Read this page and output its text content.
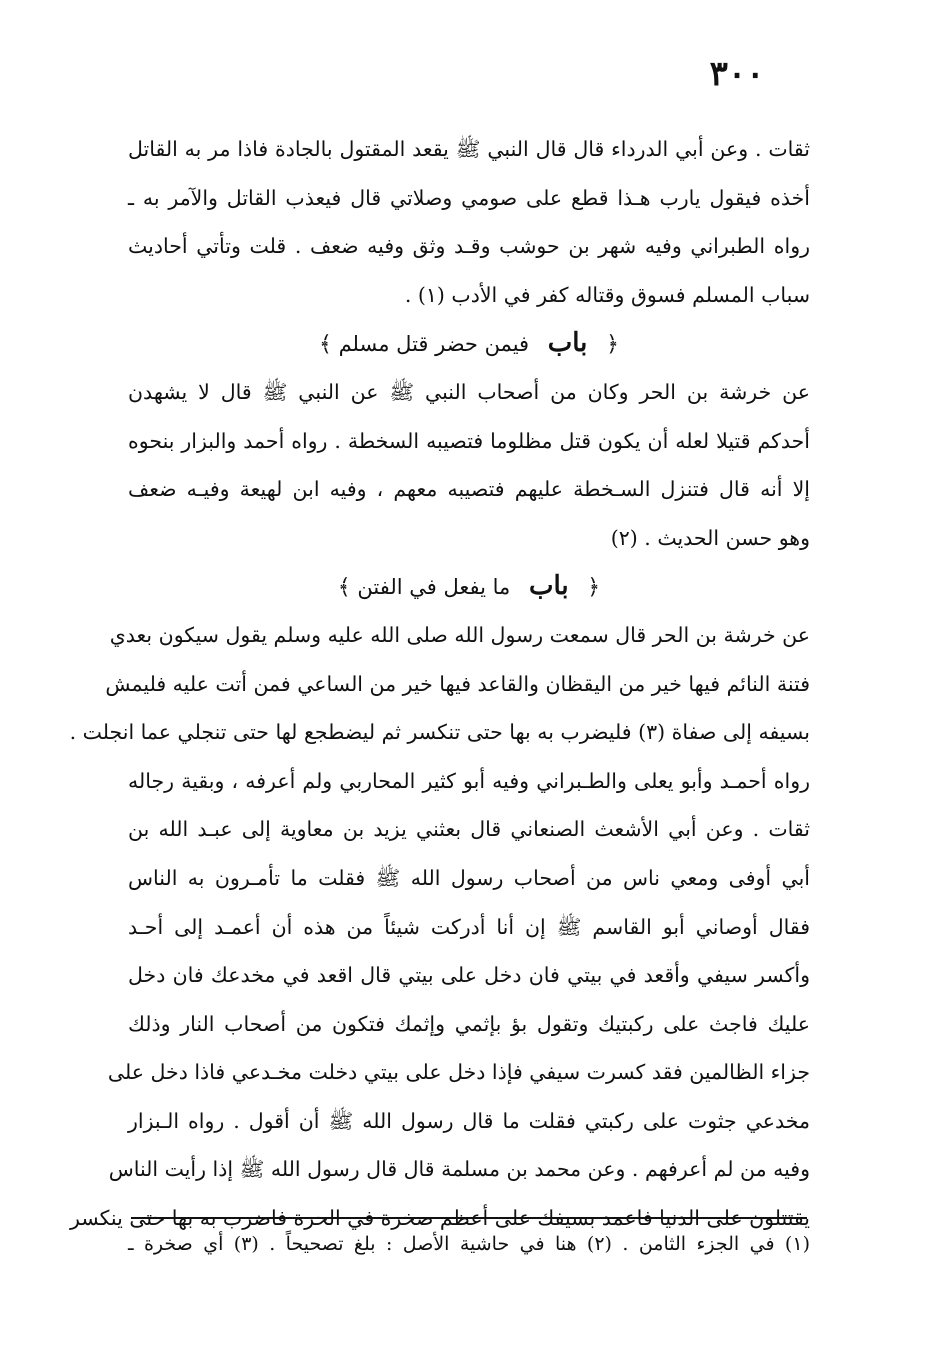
٣٠٠
ثقات . وعن أبي الدرداء قال قال النبي ﷺ يقعد المقتول بالجادة فاذا مر به القاتل
أخذه فيقول يارب هـذا قطع على صومي وصلاتي قال فيعذب القاتل والآمر به ـ
رواه الطبراني وفيه شهر بن حوشب وقـد وثق وفيه ضعف . قلت وتأتي أحاديث
سباب المسلم فسوق وقتاله كفر في الأدب (١) .
﴿ باب فيمن حضر قتل مسلم ﴾
عن خرشة بن الحر وكان من أصحاب النبي ﷺ عن النبي ﷺ قال لا يشهدن
أحدكم قتيلا لعله أن يكون قتل مظلوما فتصيبه السخطة . رواه أحمد والبزار بنحوه
إلا أنه قال فتنزل السـخطة عليهم فتصيبه معهم ، وفيه ابن لهيعة وفيـه ضعف
وهو حسن الحديث . (٢)
﴿ باب ما يفعل في الفتن ﴾
عن خرشة بن الحر قال سمعت رسول الله صلى الله عليه وسلم يقول سيكون بعدي
فتنة النائم فيها خير من اليقظان والقاعد فيها خير من الساعي فمن أتت عليه فليمش
بسيفه إلى صفاة (٣) فليضرب به بها حتى تنكسر ثم ليضطجع لها حتى تنجلي عما انجلت .
رواه أحمـد وأبو يعلى والطـبراني وفيه أبو كثير المحاربي ولم أعرفه ، وبقية رجاله
ثقات . وعن أبي الأشعث الصنعاني قال بعثني يزيد بن معاوية إلى عبـد الله بن
أبي أوفى ومعي ناس من أصحاب رسول الله ﷺ فقلت ما تأمـرون به الناس
فقال أوصاني أبو القاسم ﷺ إن أنا أدركت شيئاً من هذه أن أعمـد إلى أحـد
وأكسر سيفي وأقعد في بيتي فان دخل على بيتي قال اقعد في مخدعك فان دخل
عليك فاجث على ركبتيك وتقول بؤ بإثمي وإثمك فتكون من أصحاب النار وذلك
جزاء الظالمين فقد كسرت سيفي فإذا دخل على بيتي دخلت مخـدعي فاذا دخل على
مخدعي جثوت على ركبتي فقلت ما قال رسول الله ﷺ أن أقول . رواه الـبزار
وفيه من لم أعرفهم . وعن محمد بن مسلمة قال قال رسول الله ﷺ إذا رأيت الناس
يقتتلون على الدنيا فاعمد بسيفك على أعظم صخرة في الحرة فاضرب به بها حتى ينكسر
(١) في الجزء الثامن . (٢) هنا في حاشية الأصل : بلغ تصحيحاً . (٣) أي صخرة ـ
